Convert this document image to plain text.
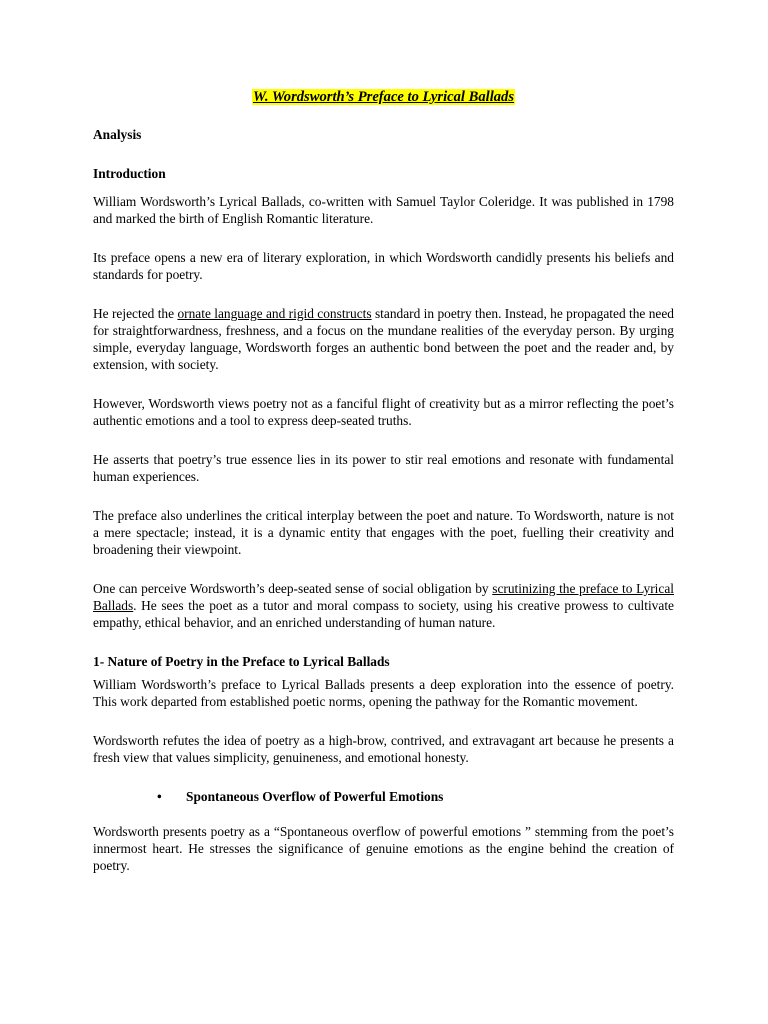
W. Wordsworth’s Preface to Lyrical Ballads
Analysis
Introduction

William Wordsworth’s Lyrical Ballads, co-written with Samuel Taylor Coleridge. It was published in 1798 and marked the birth of English Romantic literature.

Its preface opens a new era of literary exploration, in which Wordsworth candidly presents his beliefs and standards for poetry.

He rejected the ornate language and rigid constructs standard in poetry then. Instead, he propagated the need for straightforwardness, freshness, and a focus on the mundane realities of the everyday person. By urging simple, everyday language, Wordsworth forges an authentic bond between the poet and the reader and, by extension, with society.

However, Wordsworth views poetry not as a fanciful flight of creativity but as a mirror reflecting the poet’s authentic emotions and a tool to express deep-seated truths.

He asserts that poetry’s true essence lies in its power to stir real emotions and resonate with fundamental human experiences.

The preface also underlines the critical interplay between the poet and nature. To Wordsworth, nature is not a mere spectacle; instead, it is a dynamic entity that engages with the poet, fuelling their creativity and broadening their viewpoint.

One can perceive Wordsworth’s deep-seated sense of social obligation by scrutinizing the preface to Lyrical Ballads. He sees the poet as a tutor and moral compass to society, using his creative prowess to cultivate empathy, ethical behavior, and an enriched understanding of human nature.

1- Nature of Poetry in the Preface to Lyrical Ballads

William Wordsworth’s preface to Lyrical Ballads presents a deep exploration into the essence of poetry. This work departed from established poetic norms, opening the pathway for the Romantic movement.

Wordsworth refutes the idea of poetry as a high-brow, contrived, and extravagant art because he presents a fresh view that values simplicity, genuineness, and emotional honesty.

•	Spontaneous Overflow of Powerful Emotions

Wordsworth presents poetry as a “Spontaneous overflow of powerful emotions ” stemming from the poet’s innermost heart. He stresses the significance of genuine emotions as the engine behind the creation of poetry.
